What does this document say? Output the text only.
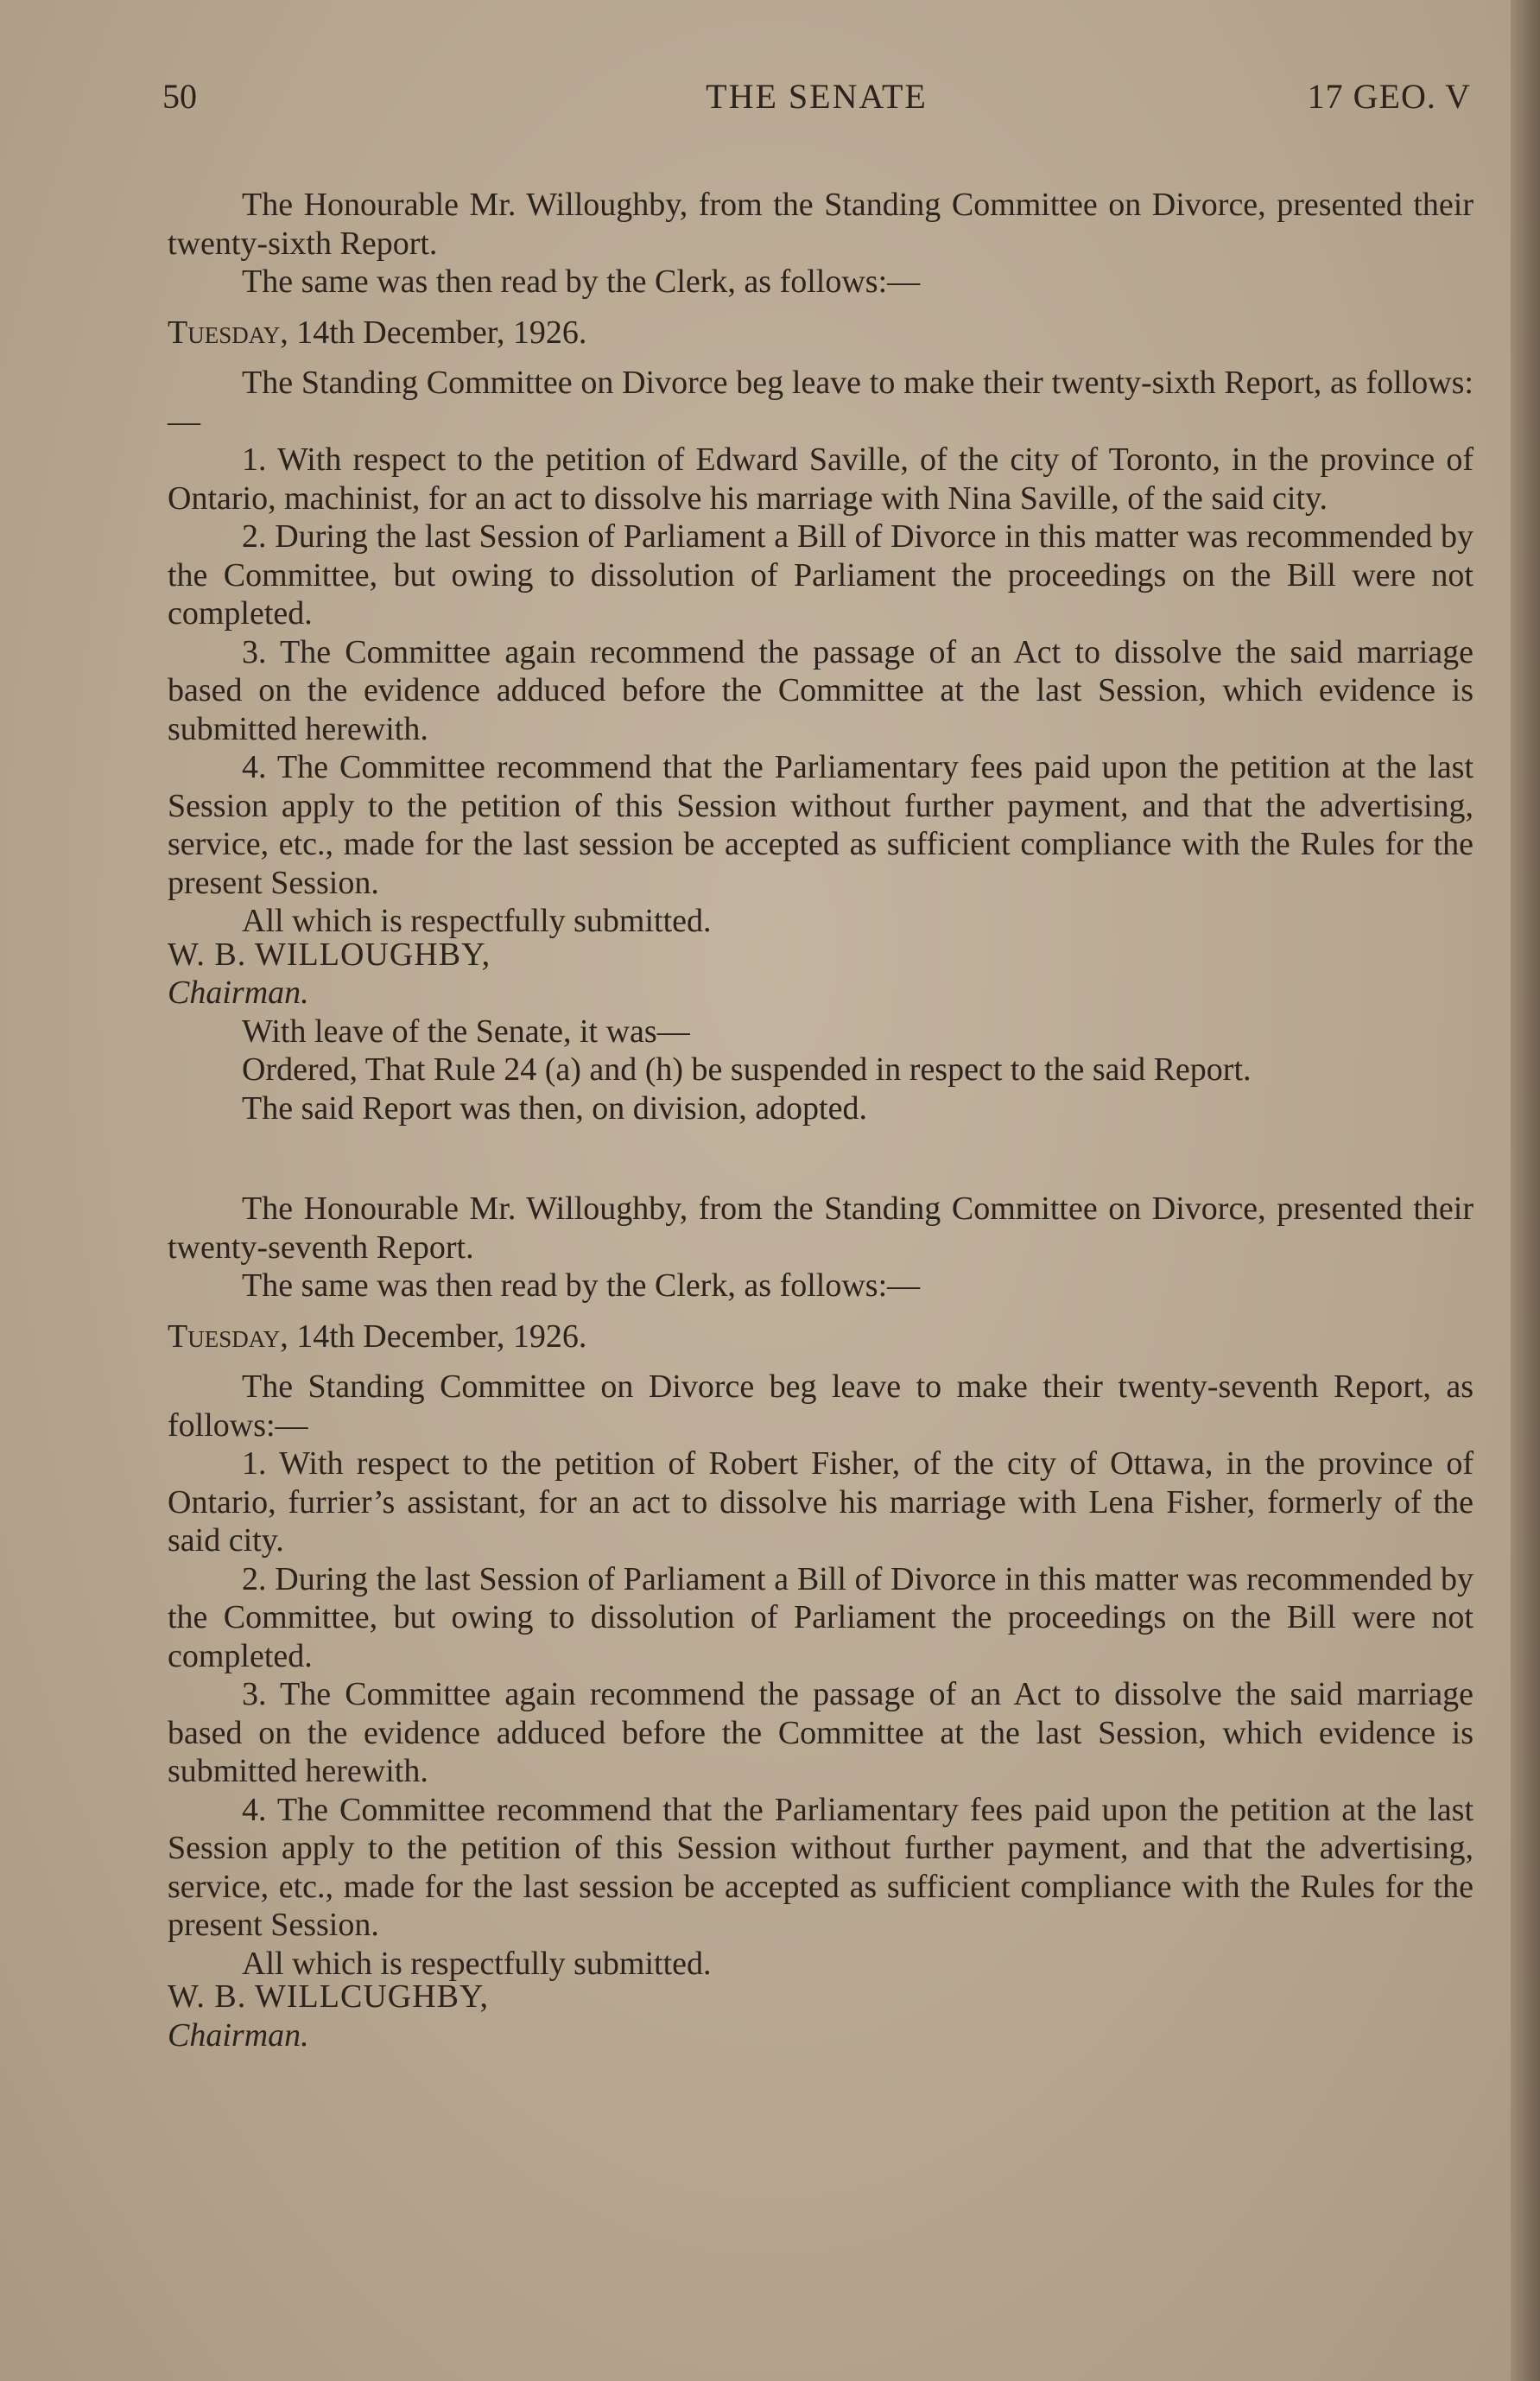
THE SENATE
50	17 GEO. V

The Honourable Mr. Willoughby, from the Standing Committee on Divorce, presented their twenty-sixth Report.

The same was then read by the Clerk, as follows:—

Tuesday, 14th December, 1926.

The Standing Committee on Divorce beg leave to make their twenty-sixth Report, as follows:—

1. With respect to the petition of Edward Saville, of the city of Toronto, in the province of Ontario, machinist, for an act to dissolve his marriage with Nina Saville, of the said city.

2. During the last Session of Parliament a Bill of Divorce in this matter was recommended by the Committee, but owing to dissolution of Parliament the proceedings on the Bill were not completed.

3. The Committee again recommend the passage of an Act to dissolve the said marriage based on the evidence adduced before the Committee at the last Session, which evidence is submitted herewith.

4. The Committee recommend that the Parliamentary fees paid upon the petition at the last Session apply to the petition of this Session without further payment, and that the advertising, service, etc., made for the last session be accepted as sufficient compliance with the Rules for the present Session.

All which is respectfully submitted.

W. B. WILLOUGHBY,

Chairman.

With leave of the Senate, it was—

Ordered, That Rule 24 (a) and (h) be suspended in respect to the said Report.

The said Report was then, on division, adopted.

The Honourable Mr. Willoughby, from the Standing Committee on Divorce, presented their twenty-seventh Report.

The same was then read by the Clerk, as follows:—

Tuesday, 14th December, 1926.

The Standing Committee on Divorce beg leave to make their twenty-seventh Report, as follows:—

1. With respect to the petition of Robert Fisher, of the city of Ottawa, in the province of Ontario, furrier’s assistant, for an act to dissolve his marriage with Lena Fisher, formerly of the said city.

2. During the last Session of Parliament a Bill of Divorce in this matter was recommended by the Committee, but owing to dissolution of Parliament the proceedings on the Bill were not completed.

3. The Committee again recommend the passage of an Act to dissolve the said marriage based on the evidence adduced before the Committee at the last Session, which evidence is submitted herewith.

4. The Committee recommend that the Parliamentary fees paid upon the petition at the last Session apply to the petition of this Session without further payment, and that the advertising, service, etc., made for the last session be accepted as sufficient compliance with the Rules for the present Session.

All which is respectfully submitted.

W. B. WILLCUGHBY,

Chairman.
